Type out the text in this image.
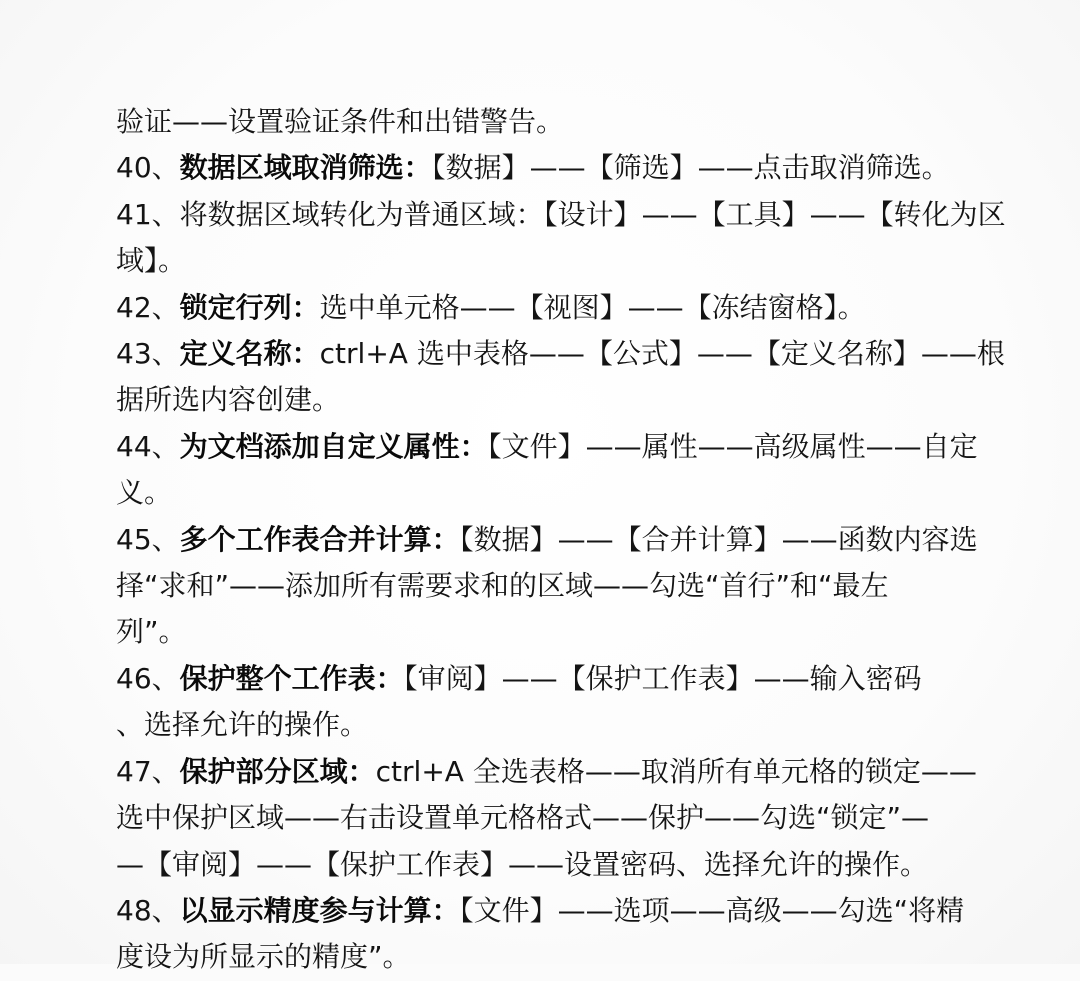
验证——设置验证条件和出错警告。
40、数据区域取消筛选：【数据】——【筛选】——点击取消筛选。
41、将数据区域转化为普通区域：【设计】——【工具】——【转化为区
域】。
42、锁定行列：选中单元格——【视图】——【冻结窗格】。
43、定义名称：ctrl+A 选中表格——【公式】——【定义名称】——根
据所选内容创建。
44、为文档添加自定义属性：【文件】——属性——高级属性——自定
义。
45、多个工作表合并计算：【数据】——【合并计算】——函数内容选
择“求和”——添加所有需要求和的区域——勾选“首行”和“最左
列”。
46、保护整个工作表：【审阅】——【保护工作表】——输入密码
、选择允许的操作。
47、保护部分区域：ctrl+A 全选表格——取消所有单元格的锁定——
选中保护区域——右击设置单元格格式——保护——勾选“锁定”—
—【审阅】——【保护工作表】——设置密码、选择允许的操作。
48、以显示精度参与计算：【文件】——选项——高级——勾选“将精
度设为所显示的精度”。
